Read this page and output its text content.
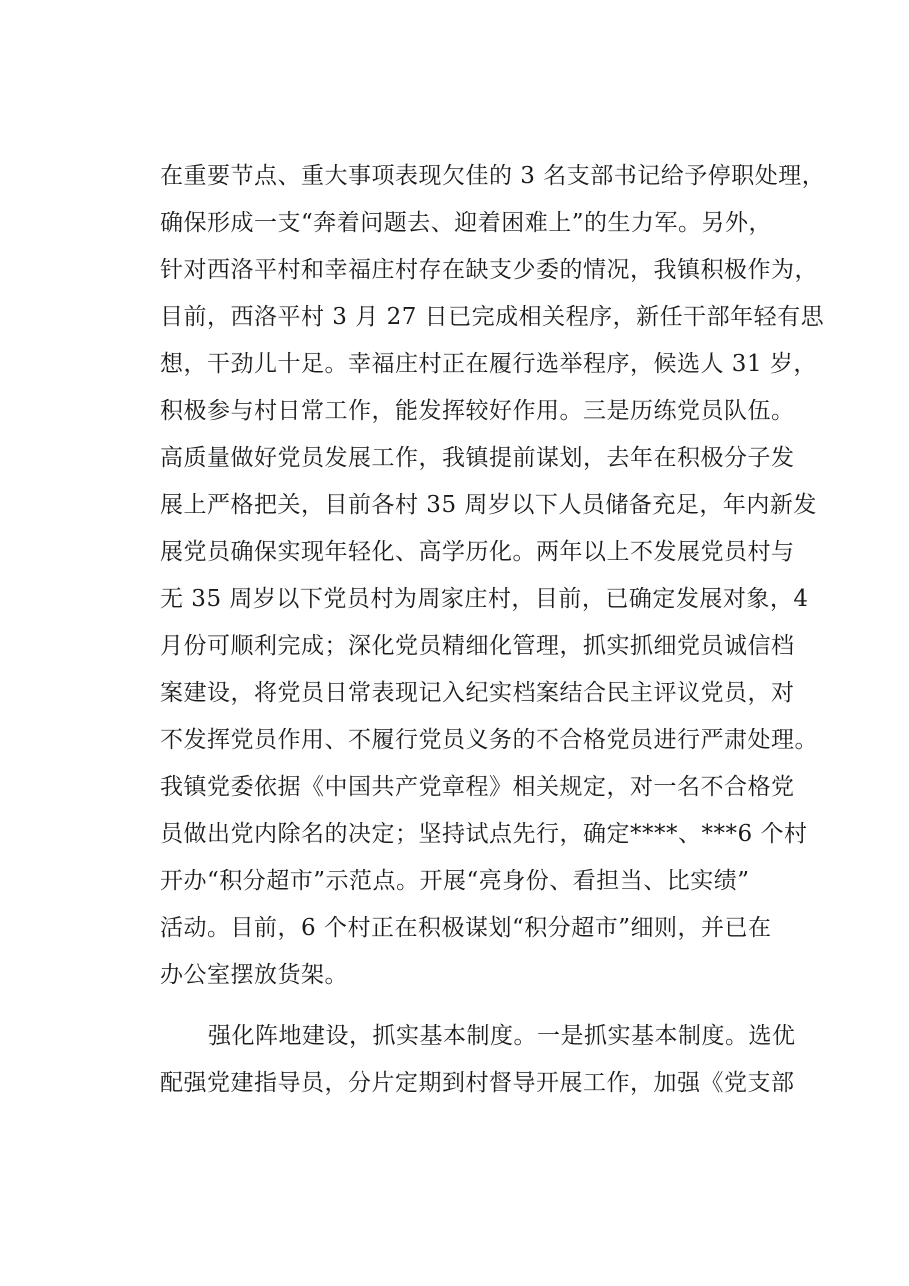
在重要节点、重大事项表现欠佳的 3 名支部书记给予停职处理，
确保形成一支“奔着问题去、迎着困难上”的生力军。另外，
针对西洛平村和幸福庄村存在缺支少委的情况，我镇积极作为，
目前，西洛平村 3 月 27 日已完成相关程序，新任干部年轻有思
想，干劲儿十足。幸福庄村正在履行选举程序，候选人 31 岁，
积极参与村日常工作，能发挥较好作用。三是历练党员队伍。
高质量做好党员发展工作，我镇提前谋划，去年在积极分子发
展上严格把关，目前各村 35 周岁以下人员储备充足，年内新发
展党员确保实现年轻化、高学历化。两年以上不发展党员村与
无 35 周岁以下党员村为周家庄村，目前，已确定发展对象，4
月份可顺利完成；深化党员精细化管理，抓实抓细党员诚信档
案建设，将党员日常表现记入纪实档案结合民主评议党员，对
不发挥党员作用、不履行党员义务的不合格党员进行严肃处理。
我镇党委依据《中国共产党章程》相关规定，对一名不合格党
员做出党内除名的决定；坚持试点先行，确定****、***6 个村
开办“积分超市”示范点。开展“亮身份、看担当、比实绩”
活动。目前，6 个村正在积极谋划“积分超市”细则，并已在
办公室摆放货架。
强化阵地建设，抓实基本制度。一是抓实基本制度。选优
配强党建指导员，分片定期到村督导开展工作，加强《党支部
